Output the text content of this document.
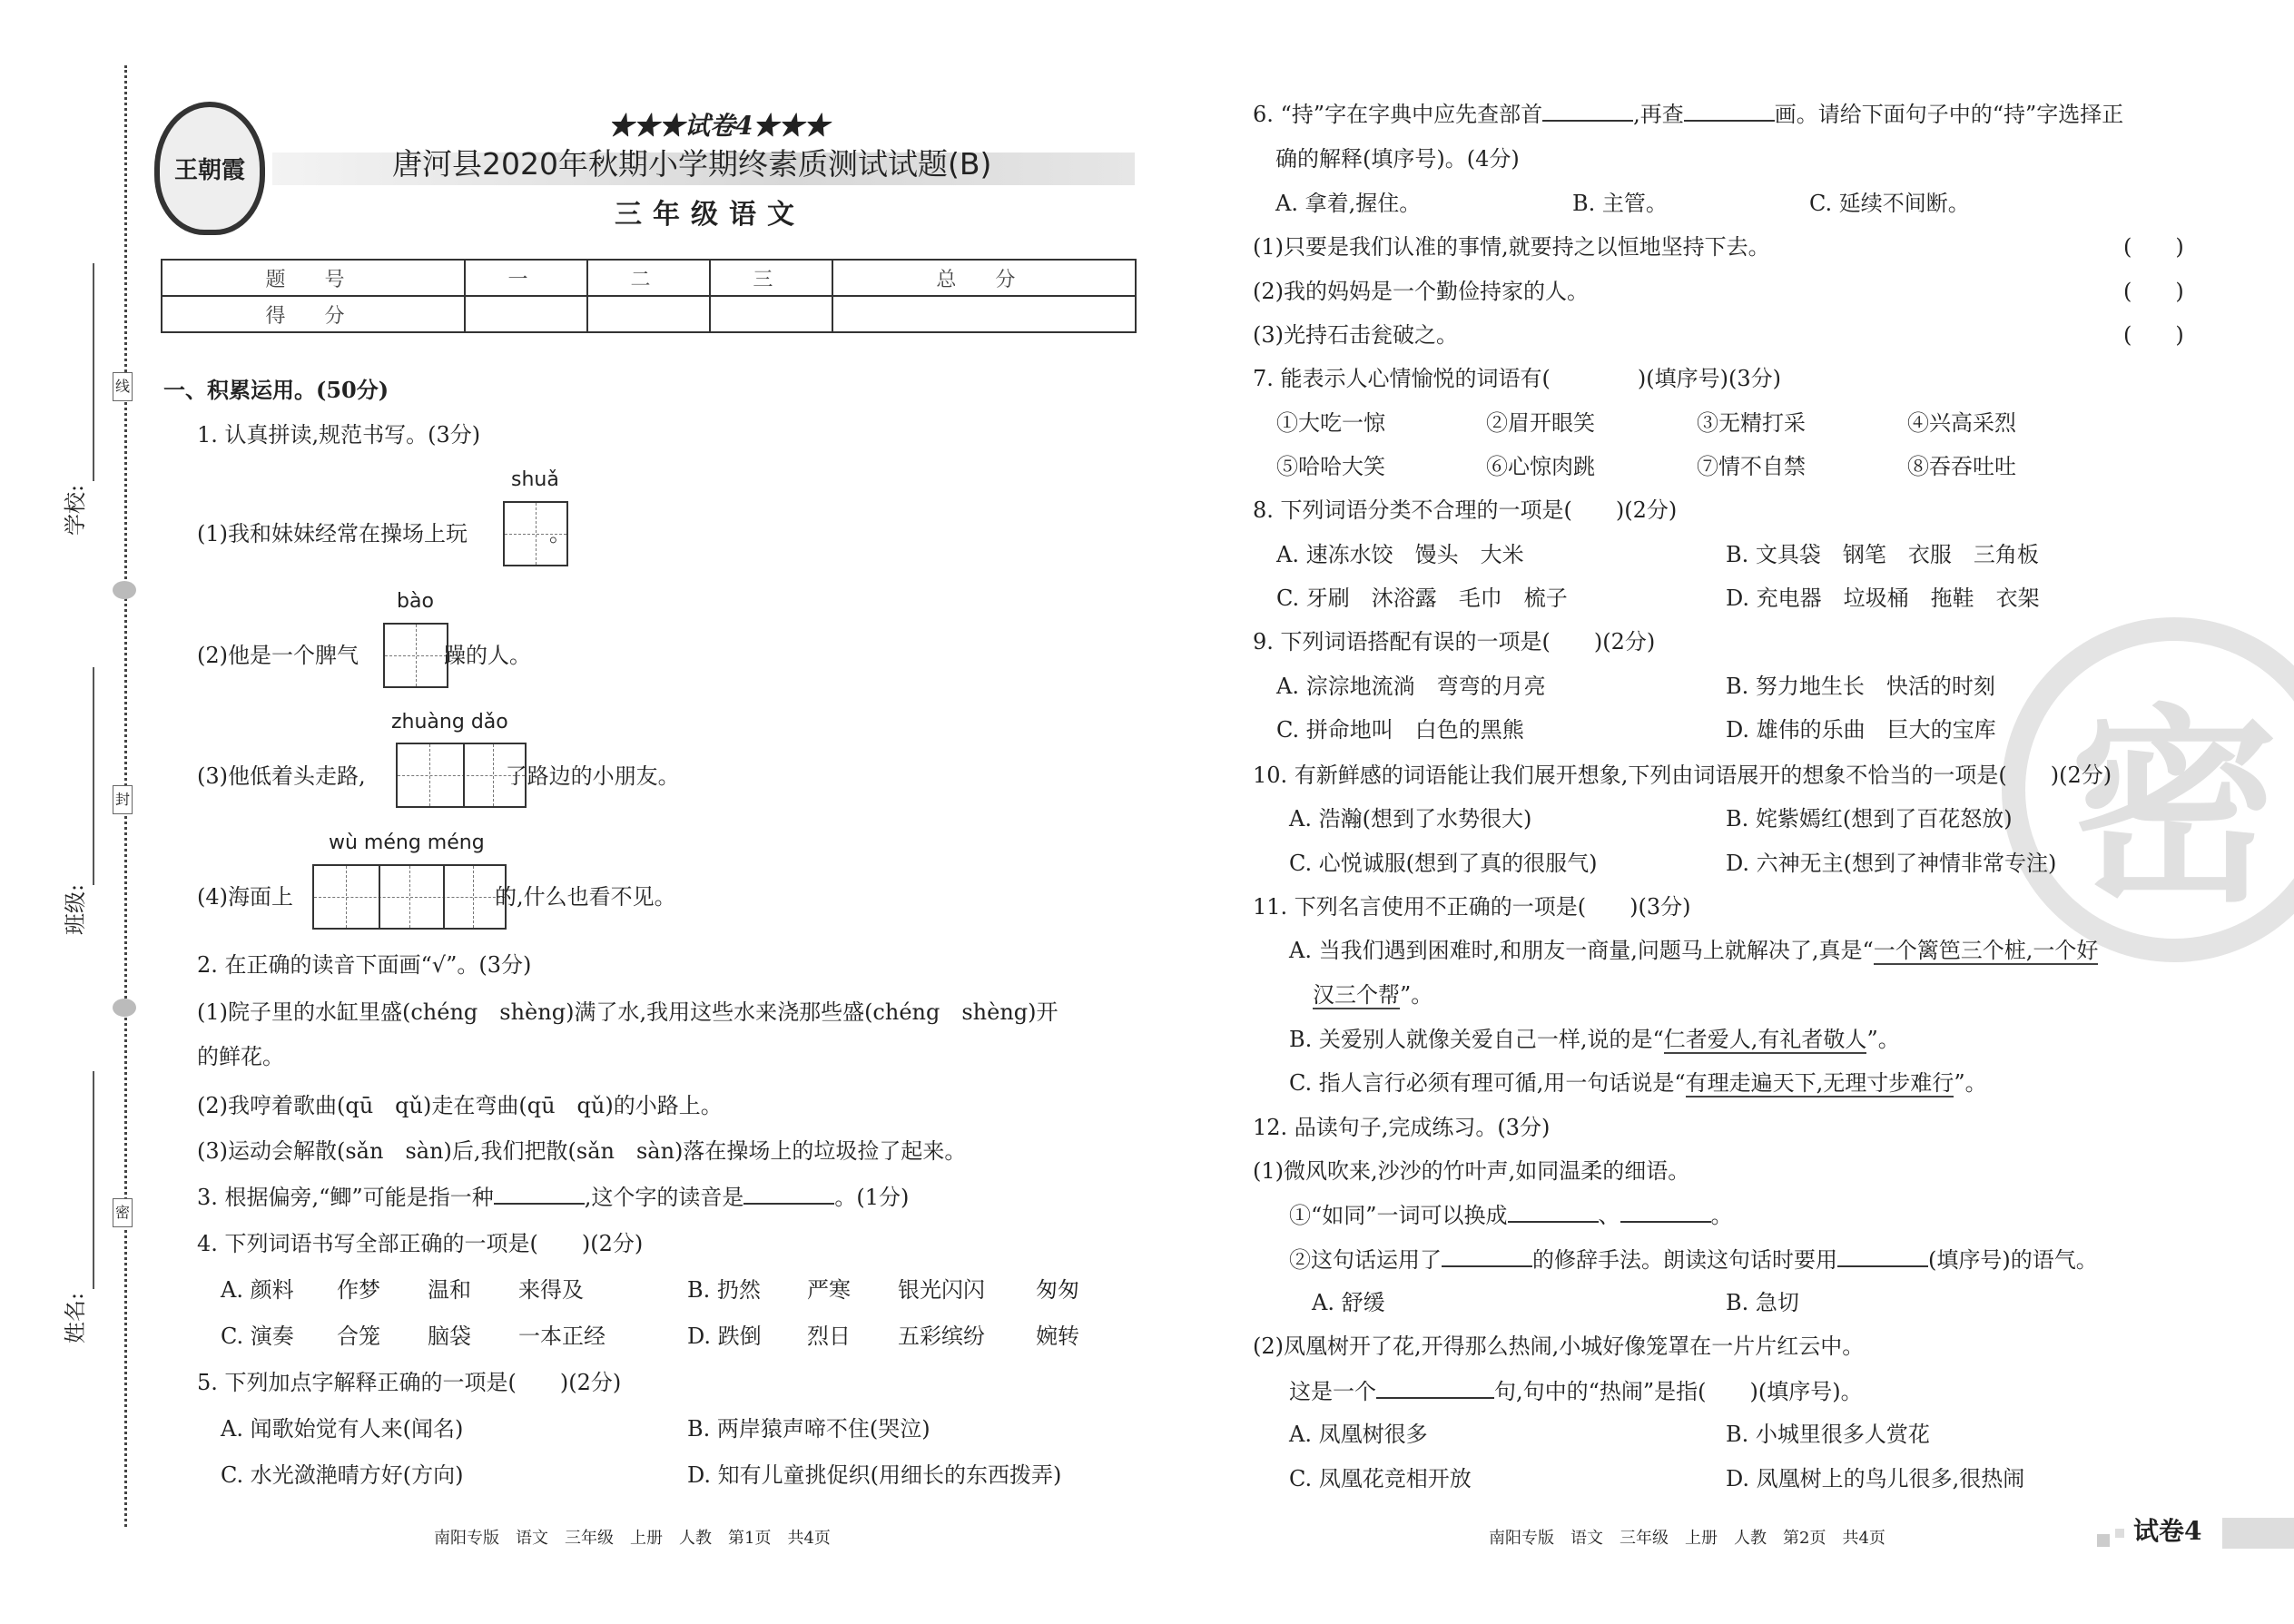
学校:
班级:
姓名:
线
封
密
王朝霞
★★★试卷4★★★
唐河县2020年秋期小学期终素质测试试题(B)
三年级语文
题 号	一	二	三	总 分
得 分				
一、积累运用。(50分)
1. 认真拼读,规范书写。(3分)
shuǎ
(1)我和妹妹经常在操场上玩	。
bào
(2)他是一个脾气	躁的人。
zhuàng dǎo
(3)他低着头走路,	了路边的小朋友。
wù méng méng
(4)海面上	的,什么也看不见。
2. 在正确的读音下面画“√”。(3分)
(1)院子里的水缸里盛(chéng　shèng)满了水,我用这些水来浇那些盛(chéng　shèng)开
的鲜花。
(2)我哼着歌曲(qū　qǔ)走在弯曲(qū　qǔ)的小路上。
(3)运动会解散(sǎn　sàn)后,我们把散(sǎn　sàn)落在操场上的垃圾捡了起来。
3. 根据偏旁,“鲫”可能是指一种	,这个字的读音是	。(1分)
4. 下列词语书写全部正确的一项是(　　)(2分)
A. 颜料 作梦 温和 来得及	B. 扔然 严寒 银光闪闪 匆匆
C. 演奏 合笼 脑袋 一本正经	D. 跌倒 烈日 五彩缤纷 婉转
5. 下列加点字解释正确的一项是(　　)(2分)
A. 闻歌始觉有人来(闻名)	B. 两岸猿声啼不住(哭泣)
C. 水光潋滟晴方好(方向)	D. 知有儿童挑促织(用细长的东西拨弄)
南阳专版　语文　三年级　上册　人教　第1页　共4页
密
6. “持”字在字典中应先查部首	,再查	画。请给下面句子中的“持”字选择正
确的解释(填序号)。(4分)
A. 拿着,握住。	B. 主管。	C. 延续不间断。
(1)只要是我们认准的事情,就要持之以恒地坚持下去。	(　　)
(2)我的妈妈是一个勤俭持家的人。	(　　)
(3)光持石击瓮破之。	(　　)
7. 能表示人心情愉悦的词语有(　　　　)(填序号)(3分)
①大吃一惊	②眉开眼笑	③无精打采	④兴高采烈
⑤哈哈大笑	⑥心惊肉跳	⑦情不自禁	⑧吞吞吐吐
8. 下列词语分类不合理的一项是(　　)(2分)
A. 速冻水饺　馒头　大米	B. 文具袋　钢笔　衣服　三角板
C. 牙刷　沐浴露　毛巾　梳子	D. 充电器　垃圾桶　拖鞋　衣架
9. 下列词语搭配有误的一项是(　　)(2分)
A. 淙淙地流淌　弯弯的月亮	B. 努力地生长　快活的时刻
C. 拼命地叫　白色的黑熊	D. 雄伟的乐曲　巨大的宝库
10. 有新鲜感的词语能让我们展开想象,下列由词语展开的想象不恰当的一项是(　　)(2分)
A. 浩瀚(想到了水势很大)	B. 姹紫嫣红(想到了百花怒放)
C. 心悦诚服(想到了真的很服气)	D. 六神无主(想到了神情非常专注)
11. 下列名言使用不正确的一项是(　　)(3分)
A. 当我们遇到困难时,和朋友一商量,问题马上就解决了,真是“一个篱笆三个桩,一个好
汉三个帮”。
B. 关爱别人就像关爱自己一样,说的是“仁者爱人,有礼者敬人”。
C. 指人言行必须有理可循,用一句话说是“有理走遍天下,无理寸步难行”。
12. 品读句子,完成练习。(3分)
(1)微风吹来,沙沙的竹叶声,如同温柔的细语。
①“如同”一词可以换成	、	。
②这句话运用了	的修辞手法。朗读这句话时要用	(填序号)的语气。
A. 舒缓	B. 急切
(2)凤凰树开了花,开得那么热闹,小城好像笼罩在一片片红云中。
这是一个	句,句中的“热闹”是指(　　)(填序号)。
A. 凤凰树很多	B. 小城里很多人赏花
C. 凤凰花竞相开放	D. 凤凰树上的鸟儿很多,很热闹
南阳专版　语文　三年级　上册　人教　第2页　共4页	试卷4
